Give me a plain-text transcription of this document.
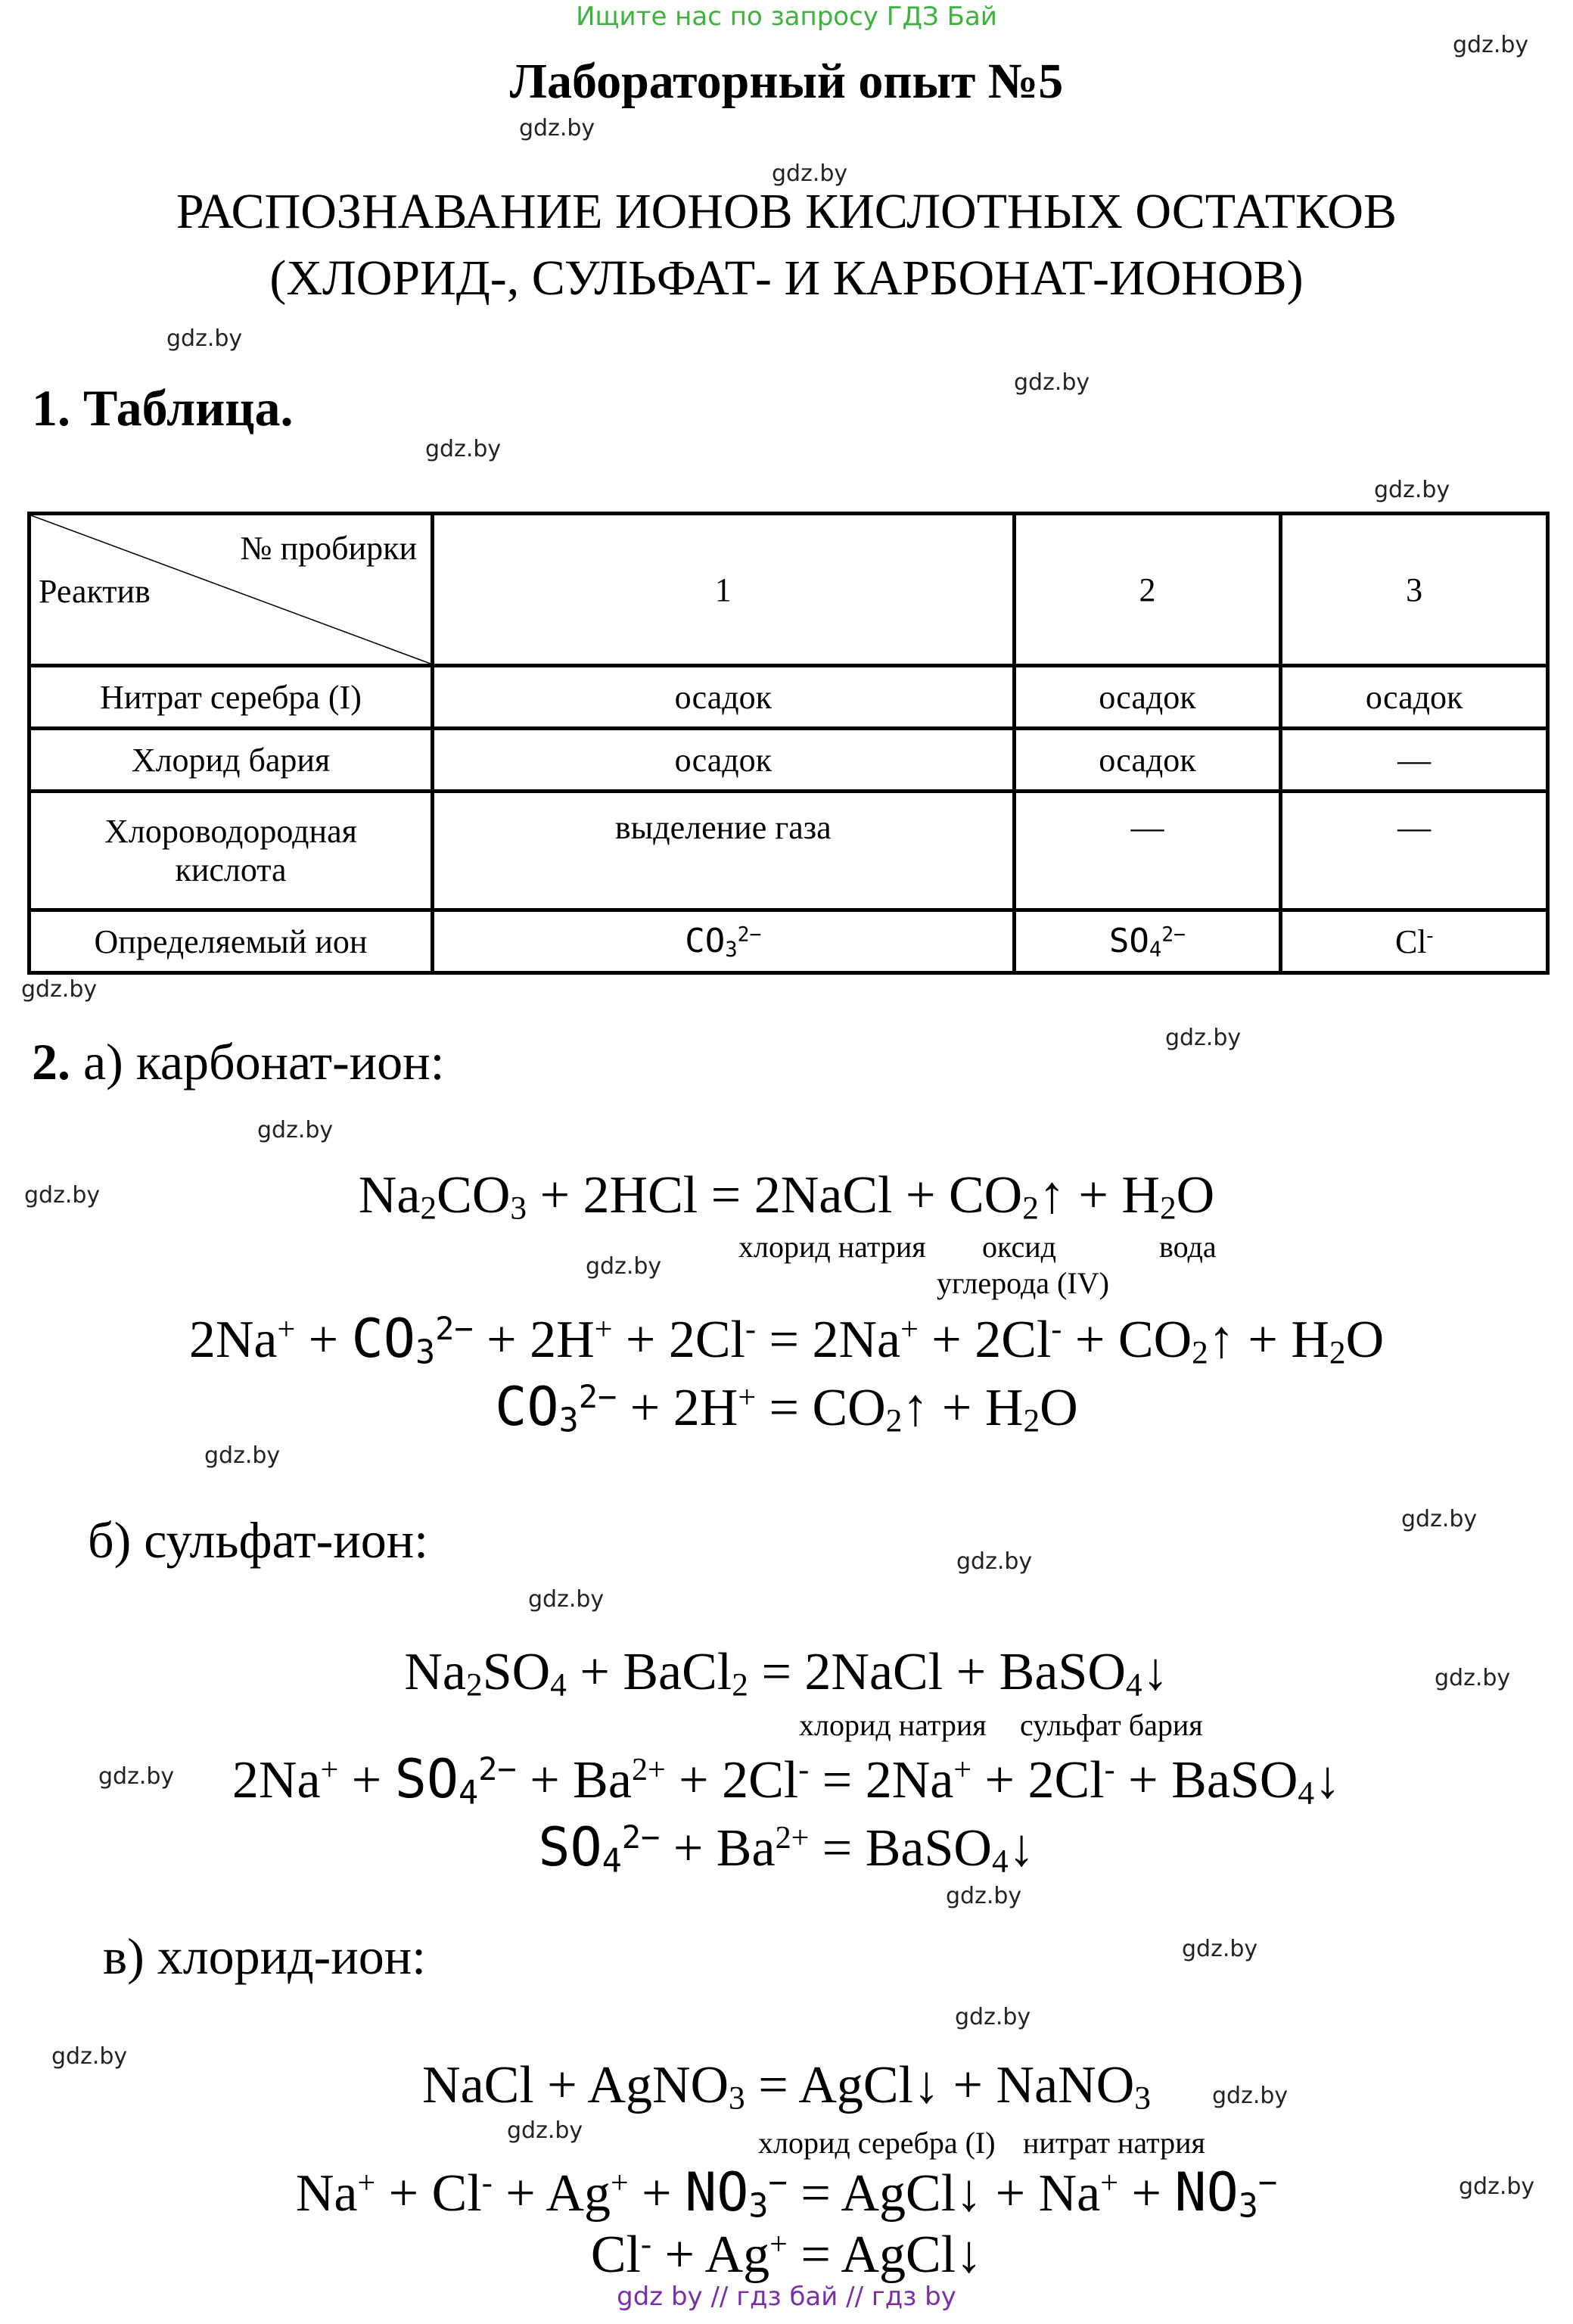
Ищите нас по запросу ГДЗ Бай
gdz.by
gdz.by
gdz.by
gdz.by
gdz.by
gdz.by
gdz.by
gdz.by
gdz.by
gdz.by
gdz.by
gdz.by
gdz.by
gdz.by
gdz.by
gdz.by
gdz.by
gdz.by
gdz.by
gdz.by
gdz.by
gdz.by
gdz.by
gdz.by
gdz.by
Лабораторный опыт №5
РАСПОЗНАВАНИЕ ИОНОВ КИСЛОТНЫХ ОСТАТКОВ
(ХЛОРИД-, СУЛЬФАТ- И КАРБОНАТ-ИОНОВ)
1. Таблица.
№ пробирки
Реактив	1	2	3
Нитрат серебра (I)	осадок	осадок	осадок
Хлорид бария	осадок	осадок	—

Хлороводородная
кислота	выделение газа	—	—
Определяемый ион	$CO_3^{2-}$	$SO_4^{2-}$	Cl-
2. а) карбонат-ион:
$Na_2CO_3 + 2HCl$ = 2NaCl + $CO_2↑ + H_2O$
хлорид натрия оксид	вода
углерода (IV)
$2Na^+ + CO_3^{2-} + 2H^+ + 2Cl^- = 2Na^+ + 2Cl^-$ + $CO_2↑ + H_2O$
$CO_3^{2-} + 2H^+$ = $CO_2↑ + H_2O$
б) сульфат-ион:
$Na_2SO_4$ + BaCl$_2$ = 2NaCl + BaSO$_4$↓
хлорид натрия сульфат бария
$2Na^+ + SO_4^{2-} + Ba^{2+} + 2Cl^- = 2Na^+ + 2Cl^-$ + BaSO$_4$↓
$SO_4^{2-} + Ba^{2+}$ = BaSO$_4$↓
в) хлорид-ион:
NaCl + AgNO$_3$ = AgCl↓ + NaNO$_3$
хлорид серебра (I) нитрат натрия
$Na^+ + Cl^- + Ag^+ + NO_3^-$ = AgCl↓ + $Na^+ + NO_3^-$
Cl- + Ag+ = AgCl↓
gdz by // гдз бай // гдз by
